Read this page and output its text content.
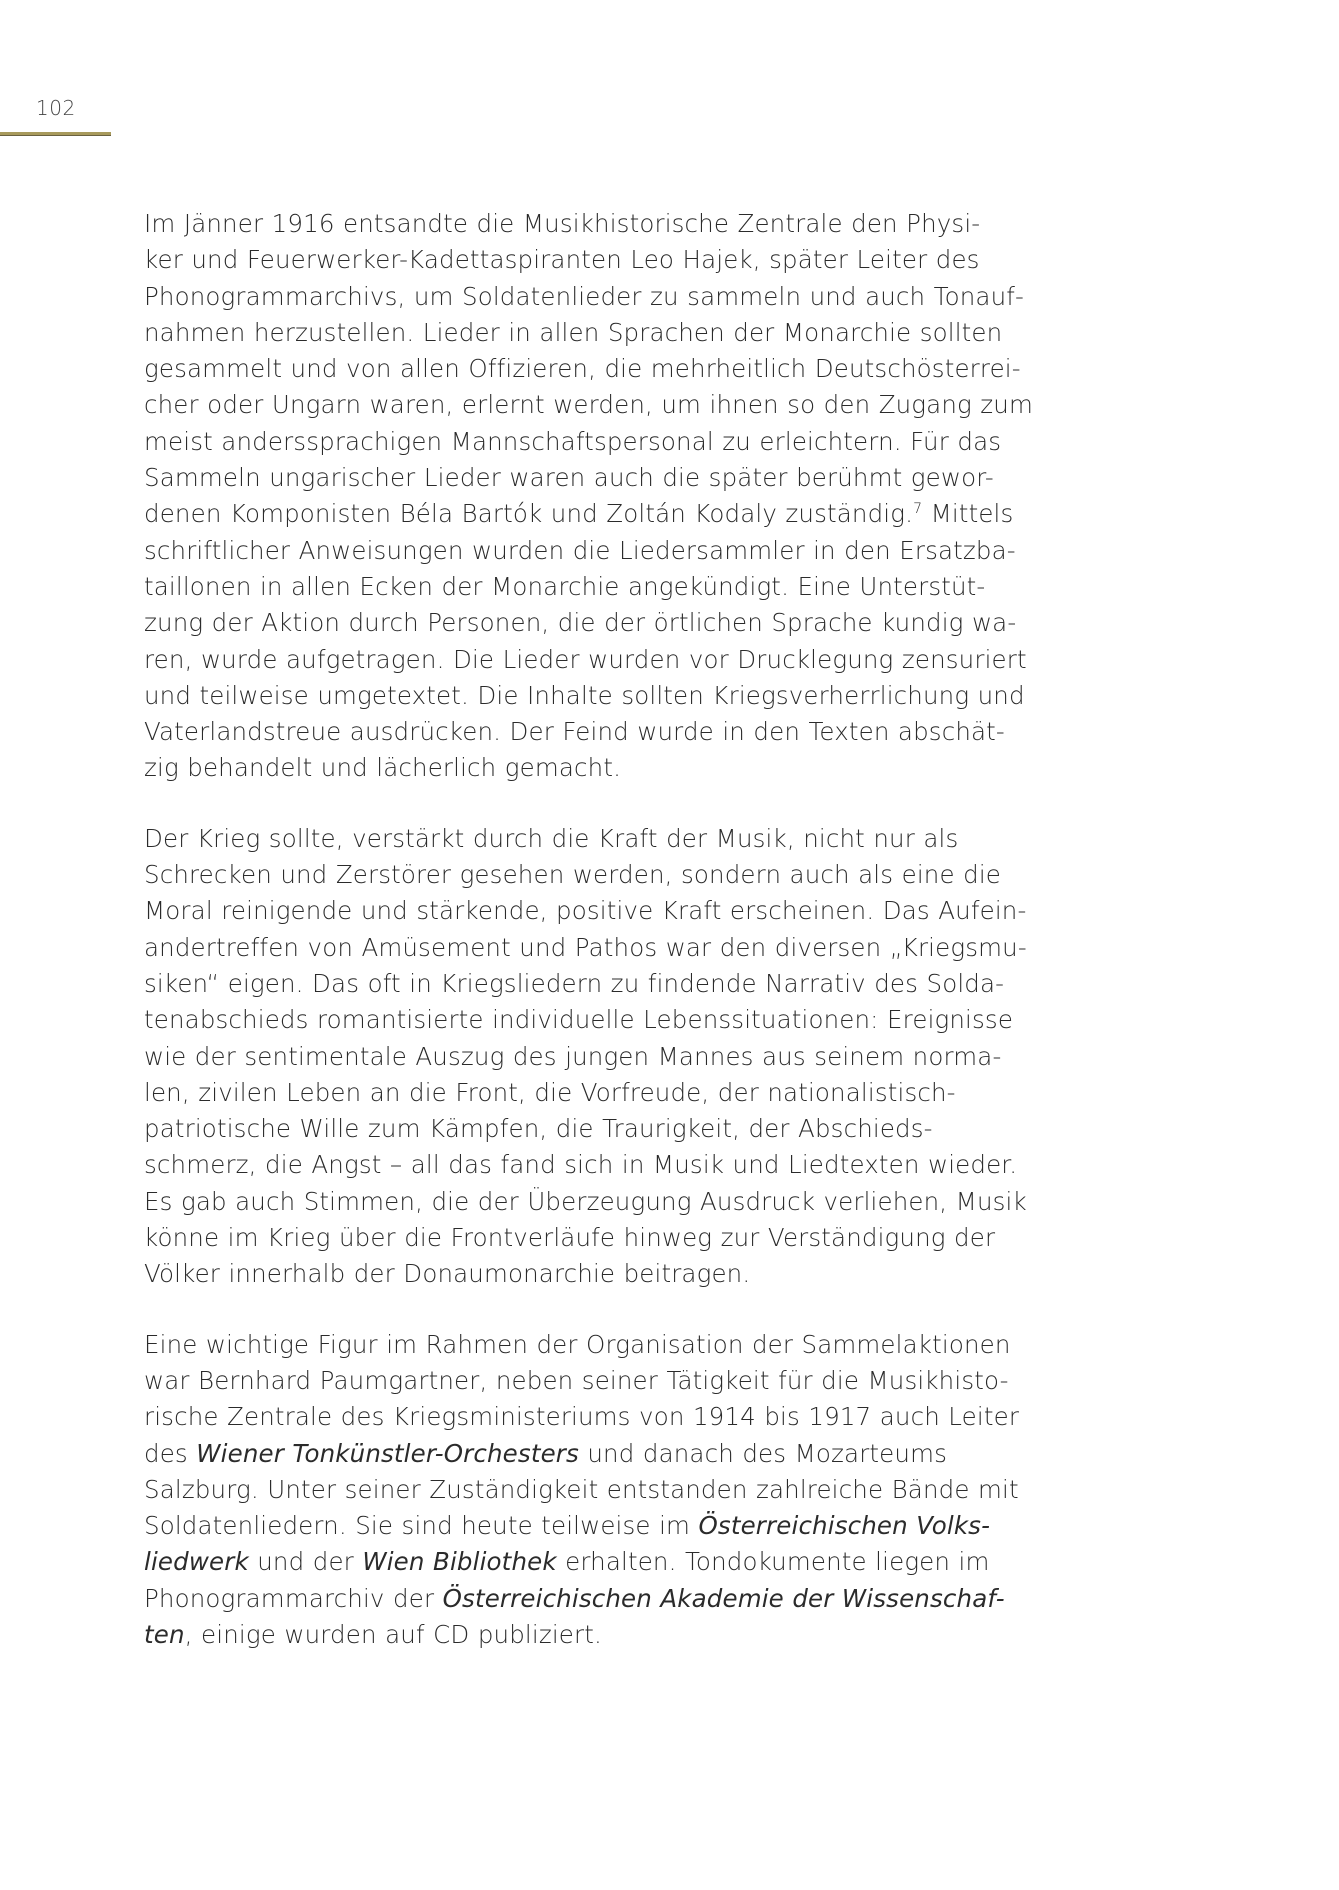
102

Im Jänner 1916 entsandte die Musikhistorische Zentrale den Physi-
ker und Feuerwerker-Kadettaspiranten Leo Hajek, später Leiter des
Phonogrammarchivs, um Soldatenlieder zu sammeln und auch Tonauf-
nahmen herzustellen. Lieder in allen Sprachen der Monarchie sollten
gesammelt und von allen Offizieren, die mehrheitlich Deutschösterrei-
cher oder Ungarn waren, erlernt werden, um ihnen so den Zugang zum
meist anderssprachigen Mannschaftspersonal zu erleichtern. Für das
Sammeln ungarischer Lieder waren auch die später berühmt gewor-
denen Komponisten Béla Bartók und Zoltán Kodaly zuständig.$^7$ Mittels
schriftlicher Anweisungen wurden die Liedersammler in den Ersatzba-
taillonen in allen Ecken der Monarchie angekündigt. Eine Unterstüt-
zung der Aktion durch Personen, die der örtlichen Sprache kundig wa-
ren, wurde aufgetragen. Die Lieder wurden vor Drucklegung zensuriert
und teilweise umgetextet. Die Inhalte sollten Kriegsverherrlichung und
Vaterlandstreue ausdrücken. Der Feind wurde in den Texten abschät-
zig behandelt und lächerlich gemacht.

Der Krieg sollte, verstärkt durch die Kraft der Musik, nicht nur als
Schrecken und Zerstörer gesehen werden, sondern auch als eine die
Moral reinigende und stärkende, positive Kraft erscheinen. Das Aufein-
andertreffen von Amüsement und Pathos war den diversen „Kriegsmu-
siken“ eigen. Das oft in Kriegsliedern zu findende Narrativ des Solda-
tenabschieds romantisierte individuelle Lebenssituationen: Ereignisse
wie der sentimentale Auszug des jungen Mannes aus seinem norma-
len, zivilen Leben an die Front, die Vorfreude, der nationalistisch-
patriotische Wille zum Kämpfen, die Traurigkeit, der Abschieds-
schmerz, die Angst – all das fand sich in Musik und Liedtexten wieder.
Es gab auch Stimmen, die der Überzeugung Ausdruck verliehen, Musik
könne im Krieg über die Frontverläufe hinweg zur Verständigung der
Völker innerhalb der Donaumonarchie beitragen.

Eine wichtige Figur im Rahmen der Organisation der Sammelaktionen
war Bernhard Paumgartner, neben seiner Tätigkeit für die Musikhisto-
rische Zentrale des Kriegsministeriums von 1914 bis 1917 auch Leiter
des Wiener Tonkünstler-Orchesters und danach des Mozarteums
Salzburg. Unter seiner Zuständigkeit entstanden zahlreiche Bände mit
Soldatenliedern. Sie sind heute teilweise im Österreichischen Volks-
liedwerk und der Wien Bibliothek erhalten. Tondokumente liegen im
Phonogrammarchiv der Österreichischen Akademie der Wissenschaf-
ten, einige wurden auf CD publiziert.
